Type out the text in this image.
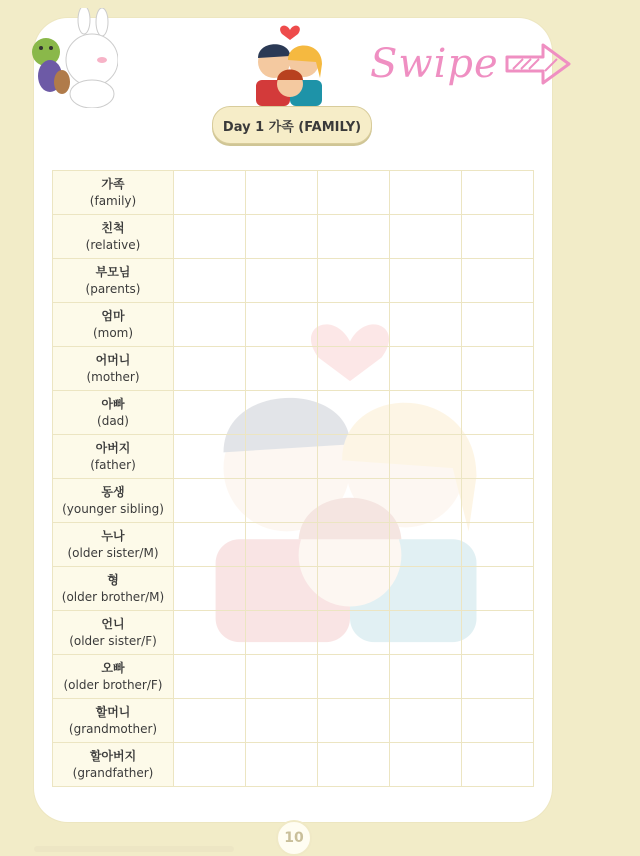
Swipe
Day 1 가족 (FAMILY)
가족
(family)					

친척
(relative)					

부모님
(parents)					

엄마
(mom)					

어머니
(mother)					

아빠
(dad)					

아버지
(father)					

동생
(younger sibling)					

누나
(older sister/M)					

형
(older brother/M)					

언니
(older sister/F)					

오빠
(older brother/F)					

할머니
(grandmother)					

할아버지
(grandfather)					

10
